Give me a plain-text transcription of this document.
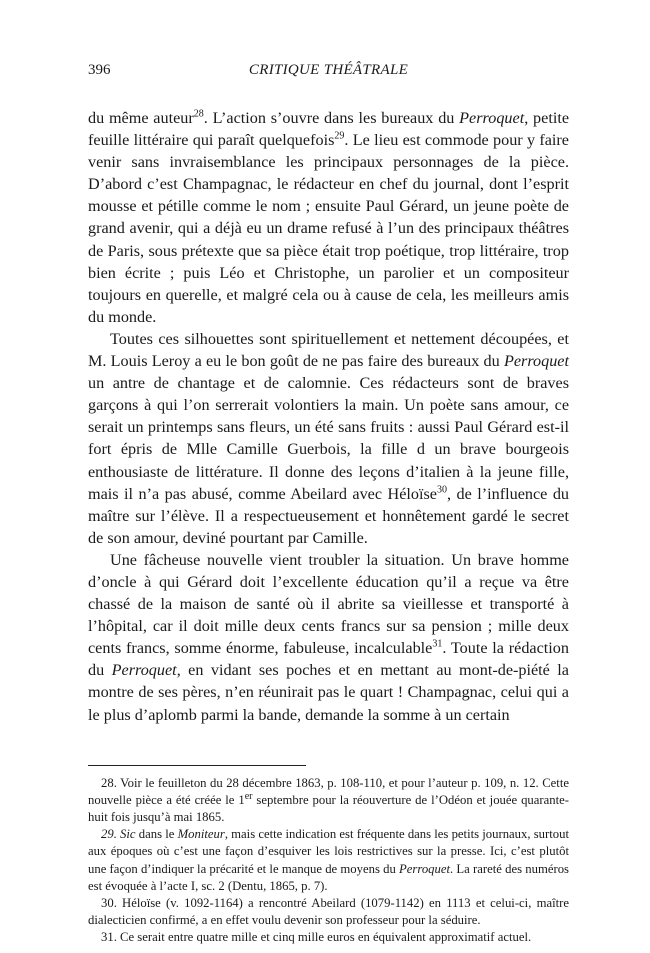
396	CRITIQUE THÉÂTRALE

du même auteur$^{28}$. L’action s’ouvre dans les bureaux du Perroquet, petite feuille littéraire qui paraît quelquefois$^{29}$. Le lieu est commode pour y faire venir sans invraisemblance les principaux personnages de la pièce. D’abord c’est Champagnac, le rédacteur en chef du journal, dont l’esprit mousse et pétille comme le nom ; ensuite Paul Gérard, un jeune poète de grand avenir, qui a déjà eu un drame refusé à l’un des principaux théâtres de Paris, sous prétexte que sa pièce était trop poétique, trop littéraire, trop bien écrite ; puis Léo et Christophe, un parolier et un compositeur toujours en querelle, et malgré cela ou à cause de cela, les meilleurs amis du monde.

Toutes ces silhouettes sont spirituellement et nettement découpées, et M. Louis Leroy a eu le bon goût de ne pas faire des bureaux du Perroquet un antre de chantage et de calomnie. Ces rédacteurs sont de braves garçons à qui l’on serrerait volontiers la main. Un poète sans amour, ce serait un printemps sans fleurs, un été sans fruits : aussi Paul Gérard est-il fort épris de Mlle Camille Guerbois, la fille d un brave bourgeois enthousiaste de littérature. Il donne des leçons d’italien à la jeune fille, mais il n’a pas abusé, comme Abeilard avec Héloïse$^{30}$, de l’influence du maître sur l’élève. Il a respectueusement et honnêtement gardé le secret de son amour, deviné pourtant par Camille.

Une fâcheuse nouvelle vient troubler la situation. Un brave homme d’oncle à qui Gérard doit l’excellente éducation qu’il a reçue va être chassé de la maison de santé où il abrite sa vieillesse et transporté à l’hôpital, car il doit mille deux cents francs sur sa pension ; mille deux cents francs, somme énorme, fabuleuse, incalculable$^{31}$. Toute la rédaction du Perroquet, en vidant ses poches et en mettant au mont-de-piété la montre de ses pères, n’en réunirait pas le quart ! Champagnac, celui qui a le plus d’aplomb parmi la bande, demande la somme à un certain

28. Voir le feuilleton du 28 décembre 1863, p. 108-110, et pour l’auteur p. 109, n. 12. Cette nouvelle pièce a été créée le 1er septembre pour la réouverture de l’Odéon et jouée quarante-huit fois jusqu’à mai 1865.

29. Sic dans le Moniteur, mais cette indication est fréquente dans les petits journaux, surtout aux époques où c’est une façon d’esquiver les lois restrictives sur la presse. Ici, c’est plutôt une façon d’indiquer la précarité et le manque de moyens du Perroquet. La rareté des numéros est évoquée à l’acte I, sc. 2 (Dentu, 1865, p. 7).

30. Héloïse (v. 1092-1164) a rencontré Abeilard (1079-1142) en 1113 et celui-ci, maître dialecticien confirmé, a en effet voulu devenir son professeur pour la séduire.

31. Ce serait entre quatre mille et cinq mille euros en équivalent approximatif actuel.
